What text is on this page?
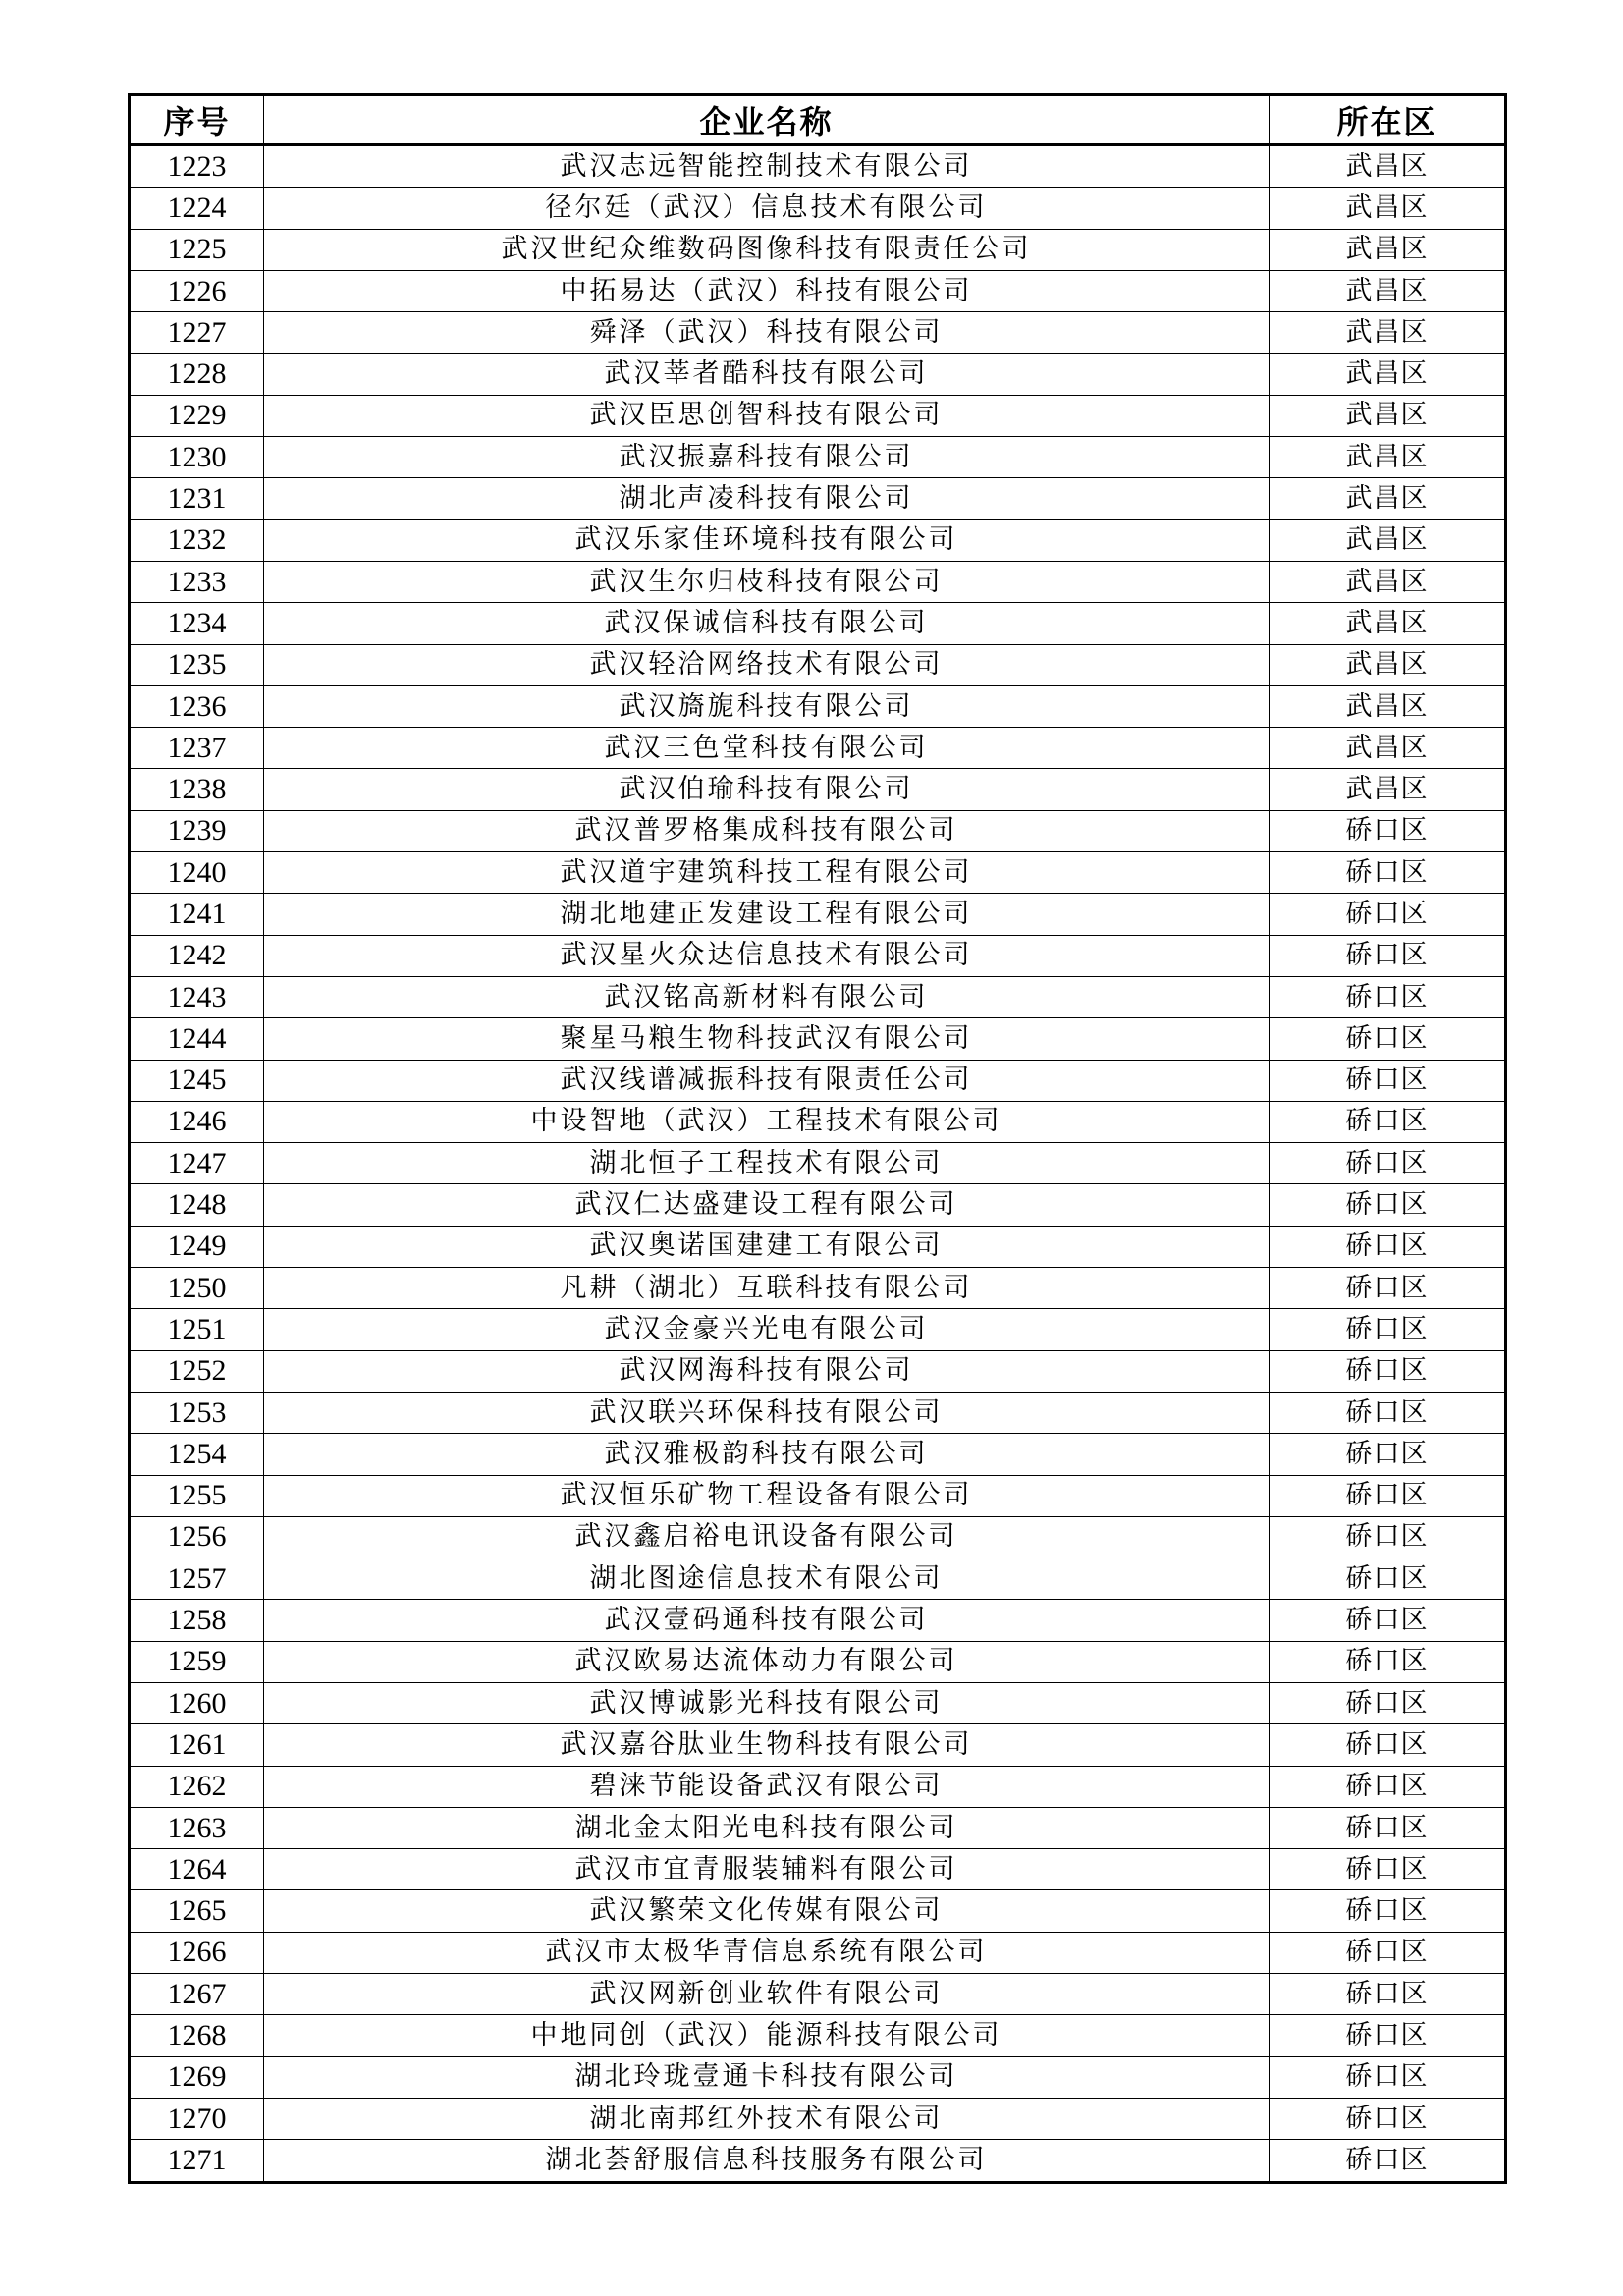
序号	企业名称	所在区
1223	武汉志远智能控制技术有限公司	武昌区
1224	径尔廷（武汉）信息技术有限公司	武昌区
1225	武汉世纪众维数码图像科技有限责任公司	武昌区
1226	中拓易达（武汉）科技有限公司	武昌区
1227	舜泽（武汉）科技有限公司	武昌区
1228	武汉莘者酷科技有限公司	武昌区
1229	武汉臣思创智科技有限公司	武昌区
1230	武汉振嘉科技有限公司	武昌区
1231	湖北声凌科技有限公司	武昌区
1232	武汉乐家佳环境科技有限公司	武昌区
1233	武汉生尔归枝科技有限公司	武昌区
1234	武汉保诚信科技有限公司	武昌区
1235	武汉轻洽网络技术有限公司	武昌区
1236	武汉旖旎科技有限公司	武昌区
1237	武汉三色堂科技有限公司	武昌区
1238	武汉伯瑜科技有限公司	武昌区
1239	武汉普罗格集成科技有限公司	硚口区
1240	武汉道宇建筑科技工程有限公司	硚口区
1241	湖北地建正发建设工程有限公司	硚口区
1242	武汉星火众达信息技术有限公司	硚口区
1243	武汉铭高新材料有限公司	硚口区
1244	聚星马粮生物科技武汉有限公司	硚口区
1245	武汉线谱减振科技有限责任公司	硚口区
1246	中设智地（武汉）工程技术有限公司	硚口区
1247	湖北恒子工程技术有限公司	硚口区
1248	武汉仁达盛建设工程有限公司	硚口区
1249	武汉奥诺国建建工有限公司	硚口区
1250	凡耕（湖北）互联科技有限公司	硚口区
1251	武汉金豪兴光电有限公司	硚口区
1252	武汉网海科技有限公司	硚口区
1253	武汉联兴环保科技有限公司	硚口区
1254	武汉雅极韵科技有限公司	硚口区
1255	武汉恒乐矿物工程设备有限公司	硚口区
1256	武汉鑫启裕电讯设备有限公司	硚口区
1257	湖北图途信息技术有限公司	硚口区
1258	武汉壹码通科技有限公司	硚口区
1259	武汉欧易达流体动力有限公司	硚口区
1260	武汉博诚影光科技有限公司	硚口区
1261	武汉嘉谷肽业生物科技有限公司	硚口区
1262	碧涞节能设备武汉有限公司	硚口区
1263	湖北金太阳光电科技有限公司	硚口区
1264	武汉市宜青服装辅料有限公司	硚口区
1265	武汉繁荣文化传媒有限公司	硚口区
1266	武汉市太极华青信息系统有限公司	硚口区
1267	武汉网新创业软件有限公司	硚口区
1268	中地同创（武汉）能源科技有限公司	硚口区
1269	湖北玲珑壹通卡科技有限公司	硚口区
1270	湖北南邦红外技术有限公司	硚口区
1271	湖北荟舒服信息科技服务有限公司	硚口区
